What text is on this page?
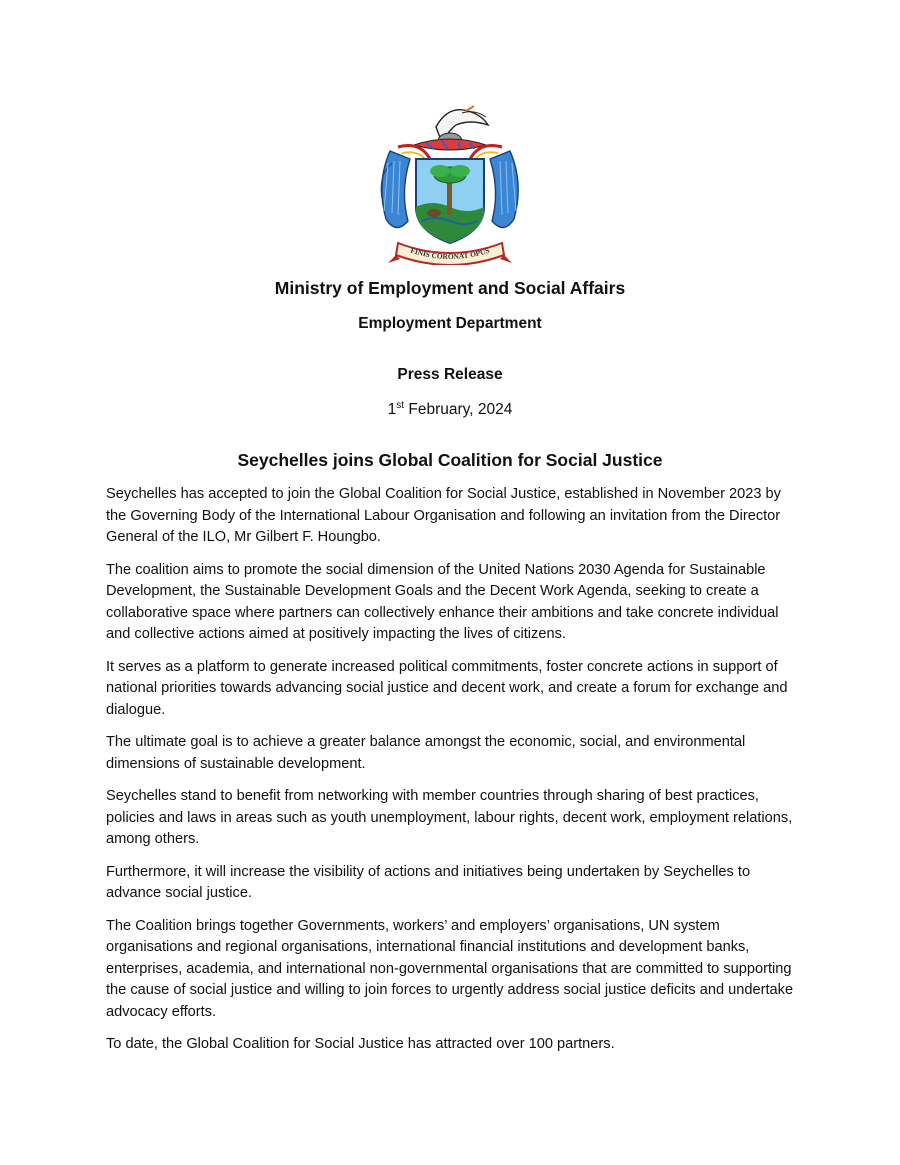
FINIS CORONAT OPUS
Ministry of Employment and Social Affairs
Employment Department
Press Release
1st February, 2024
Seychelles joins Global Coalition for Social Justice

Seychelles has accepted to join the Global Coalition for Social Justice, established in November 2023 by the Governing Body of the International Labour Organisation and following an invitation from the Director General of the ILO, Mr Gilbert F. Houngbo.

The coalition aims to promote the social dimension of the United Nations 2030 Agenda for Sustainable Development, the Sustainable Development Goals and the Decent Work Agenda, seeking to create a collaborative space where partners can collectively enhance their ambitions and take concrete individual and collective actions aimed at positively impacting the lives of citizens.

It serves as a platform to generate increased political commitments, foster concrete actions in support of national priorities towards advancing social justice and decent work, and create a forum for exchange and dialogue.

The ultimate goal is to achieve a greater balance amongst the economic, social, and environmental dimensions of sustainable development.

Seychelles stand to benefit from networking with member countries through sharing of best practices, policies and laws in areas such as youth unemployment, labour rights, decent work, employment relations, among others.

Furthermore, it will increase the visibility of actions and initiatives being undertaken by Seychelles to advance social justice.

The Coalition brings together Governments, workers’ and employers’ organisations, UN system organisations and regional organisations, international financial institutions and development banks, enterprises, academia, and international non-governmental organisations that are committed to supporting the cause of social justice and willing to join forces to urgently address social justice deficits and undertake advocacy efforts.

To date, the Global Coalition for Social Justice has attracted over 100 partners.
